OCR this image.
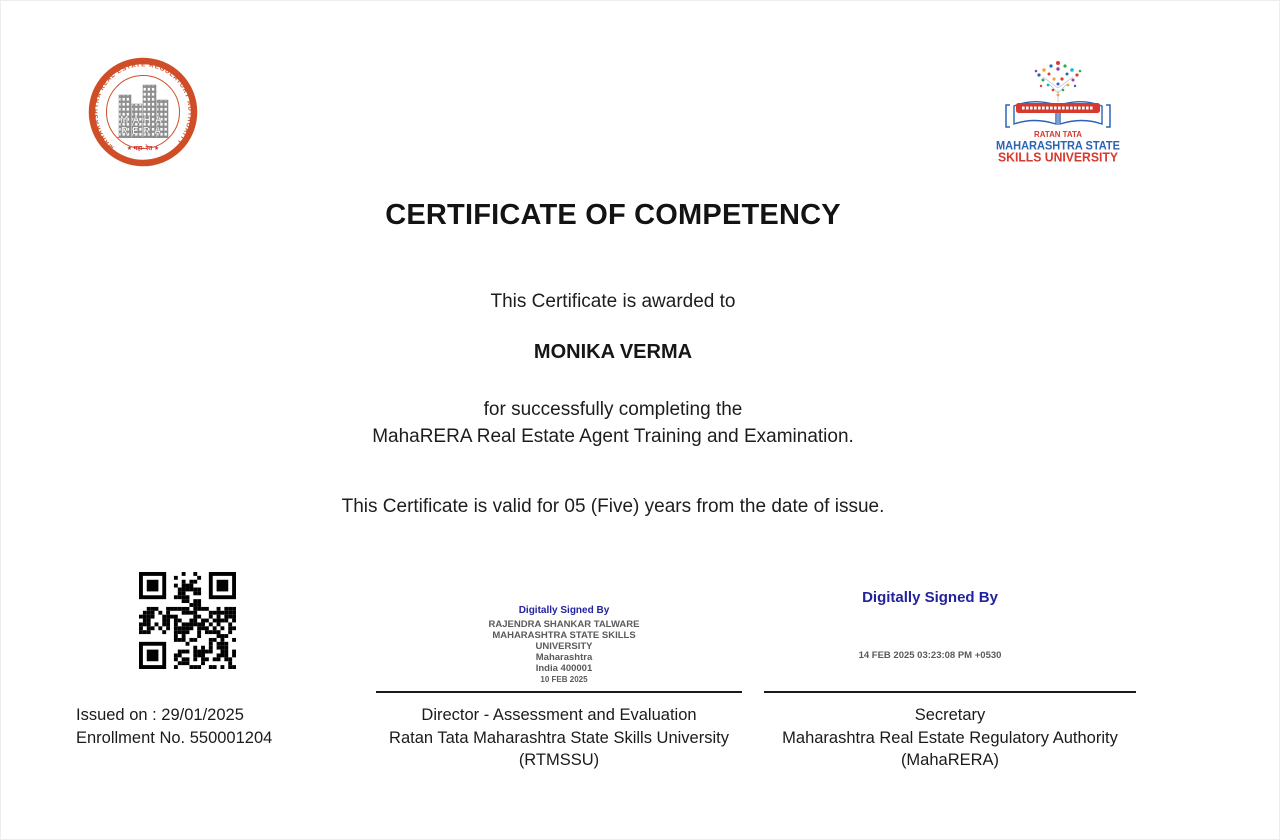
MAHARASHTRA REAL ESTATE REGULATORY AUTHORITY
MAHA
RERA
★ महा- रेरा ★
RATAN TATA
MAHARASHTRA STATE
SKILLS UNIVERSITY
CERTIFICATE OF COMPETENCY
This Certificate is awarded to
MONIKA VERMA
for successfully completing the
MahaRERA Real Estate Agent Training and Examination.
This Certificate is valid for 05 (Five) years from the date of issue.
Digitally Signed By
RAJENDRA SHANKAR TALWARE
MAHARASHTRA STATE SKILLS
UNIVERSITY
Maharashtra
India 400001
10 FEB 2025
Digitally Signed By
14 FEB 2025 03:23:08 PM +0530
Issued on : 29/01/2025
Enrollment No. 550001204
Director - Assessment and Evaluation
Ratan Tata Maharashtra State Skills University
(RTMSSU)
Secretary
Maharashtra Real Estate Regulatory Authority
(MahaRERA)
